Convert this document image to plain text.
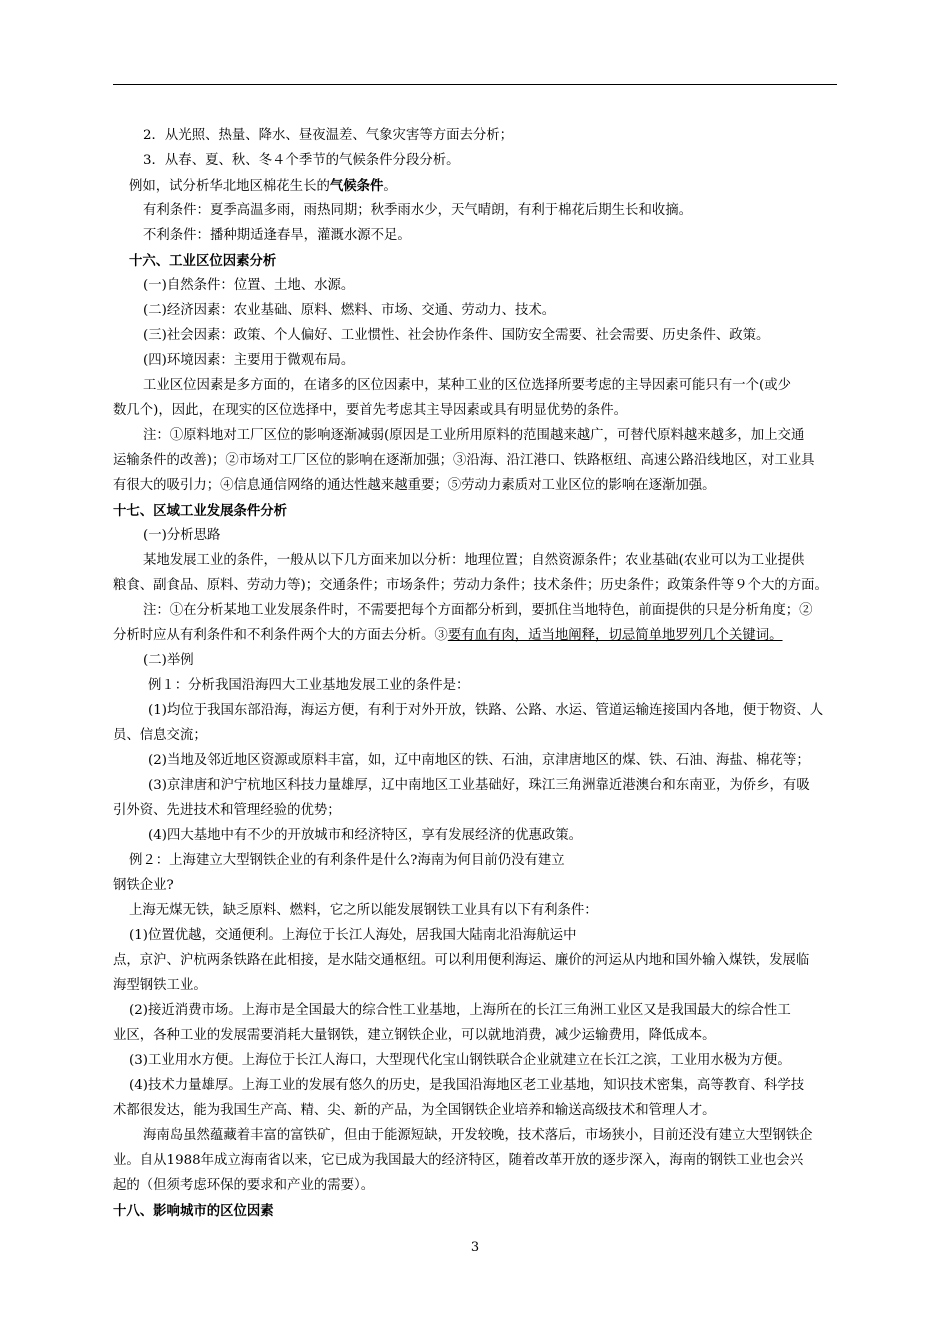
2．从光照、热量、降水、昼夜温差、气象灾害等方面去分析；
3．从春、夏、秋、冬４个季节的气候条件分段分析。
例如，试分析华北地区棉花生长的气候条件。
有利条件：夏季高温多雨，雨热同期；秋季雨水少，天气晴朗，有利于棉花后期生长和收摘。
不利条件：播种期适逢春旱，灌溉水源不足。
十六、工业区位因素分析
(一)自然条件：位置、土地、水源。
(二)经济因素：农业基础、原料、燃料、市场、交通、劳动力、技术。
(三)社会因素：政策、个人偏好、工业惯性、社会协作条件、国防安全需要、社会需要、历史条件、政策。
(四)环境因素：主要用于微观布局。
工业区位因素是多方面的，在诸多的区位因素中，某种工业的区位选择所要考虑的主导因素可能只有一个(或少
数几个)，因此，在现实的区位选择中，要首先考虑其主导因素或具有明显优势的条件。
注：①原料地对工厂区位的影响逐渐减弱(原因是工业所用原料的范围越来越广，可替代原料越来越多，加上交通
运输条件的改善)；②市场对工厂区位的影响在逐渐加强；③沿海、沿江港口、铁路枢纽、高速公路沿线地区，对工业具
有很大的吸引力；④信息通信网络的通达性越来越重要；⑤劳动力素质对工业区位的影响在逐渐加强。
十七、区域工业发展条件分析
(一)分析思路
某地发展工业的条件，一般从以下几方面来加以分析：地理位置；自然资源条件；农业基础(农业可以为工业提供
粮食、副食品、原料、劳动力等)；交通条件；市场条件；劳动力条件；技术条件；历史条件；政策条件等９个大的方面。
注：①在分析某地工业发展条件时，不需要把每个方面都分析到，要抓住当地特色，前面提供的只是分析角度；②
分析时应从有利条件和不利条件两个大的方面去分析。③要有血有肉，适当地阐释，切忌简单地罗列几个关键词。
(二)举例
例１：分析我国沿海四大工业基地发展工业的条件是：
(1)均位于我国东部沿海，海运方便，有利于对外开放，铁路、公路、水运、管道运输连接国内各地，便于物资、人
员、信息交流；
(2)当地及邻近地区资源或原料丰富，如，辽中南地区的铁、石油，京津唐地区的煤、铁、石油、海盐、棉花等；
(3)京津唐和沪宁杭地区科技力量雄厚，辽中南地区工业基础好，珠江三角洲靠近港澳台和东南亚，为侨乡，有吸
引外资、先进技术和管理经验的优势；
(4)四大基地中有不少的开放城市和经济特区，享有发展经济的优惠政策。
例２：上海建立大型钢铁企业的有利条件是什么?海南为何目前仍没有建立
钢铁企业?
上海无煤无铁，缺乏原料、燃料，它之所以能发展钢铁工业具有以下有利条件：
(1)位置优越，交通便利。上海位于长江人海处，居我国大陆南北沿海航运中
点，京沪、沪杭两条铁路在此相接，是水陆交通枢纽。可以利用便利海运、廉价的河运从内地和国外输入煤铁，发展临
海型钢铁工业。
(2)接近消费市场。上海市是全国最大的综合性工业基地，上海所在的长江三角洲工业区又是我国最大的综合性工
业区，各种工业的发展需要消耗大量钢铁，建立钢铁企业，可以就地消费，减少运输费用，降低成本。
(3)工业用水方便。上海位于长江人海口，大型现代化宝山钢铁联合企业就建立在长江之滨，工业用水极为方便。
(4)技术力量雄厚。上海工业的发展有悠久的历史，是我国沿海地区老工业基地，知识技术密集，高等教育、科学技
术都很发达，能为我国生产高、精、尖、新的产品，为全国钢铁企业培养和输送高级技术和管理人才。
海南岛虽然蕴藏着丰富的富铁矿，但由于能源短缺，开发较晚，技术落后，市场狭小，目前还没有建立大型钢铁企
业。自从1988年成立海南省以来，它已成为我国最大的经济特区，随着改革开放的逐步深入，海南的钢铁工业也会兴
起的（但须考虑环保的要求和产业的需要）。
十八、影响城市的区位因素
3
